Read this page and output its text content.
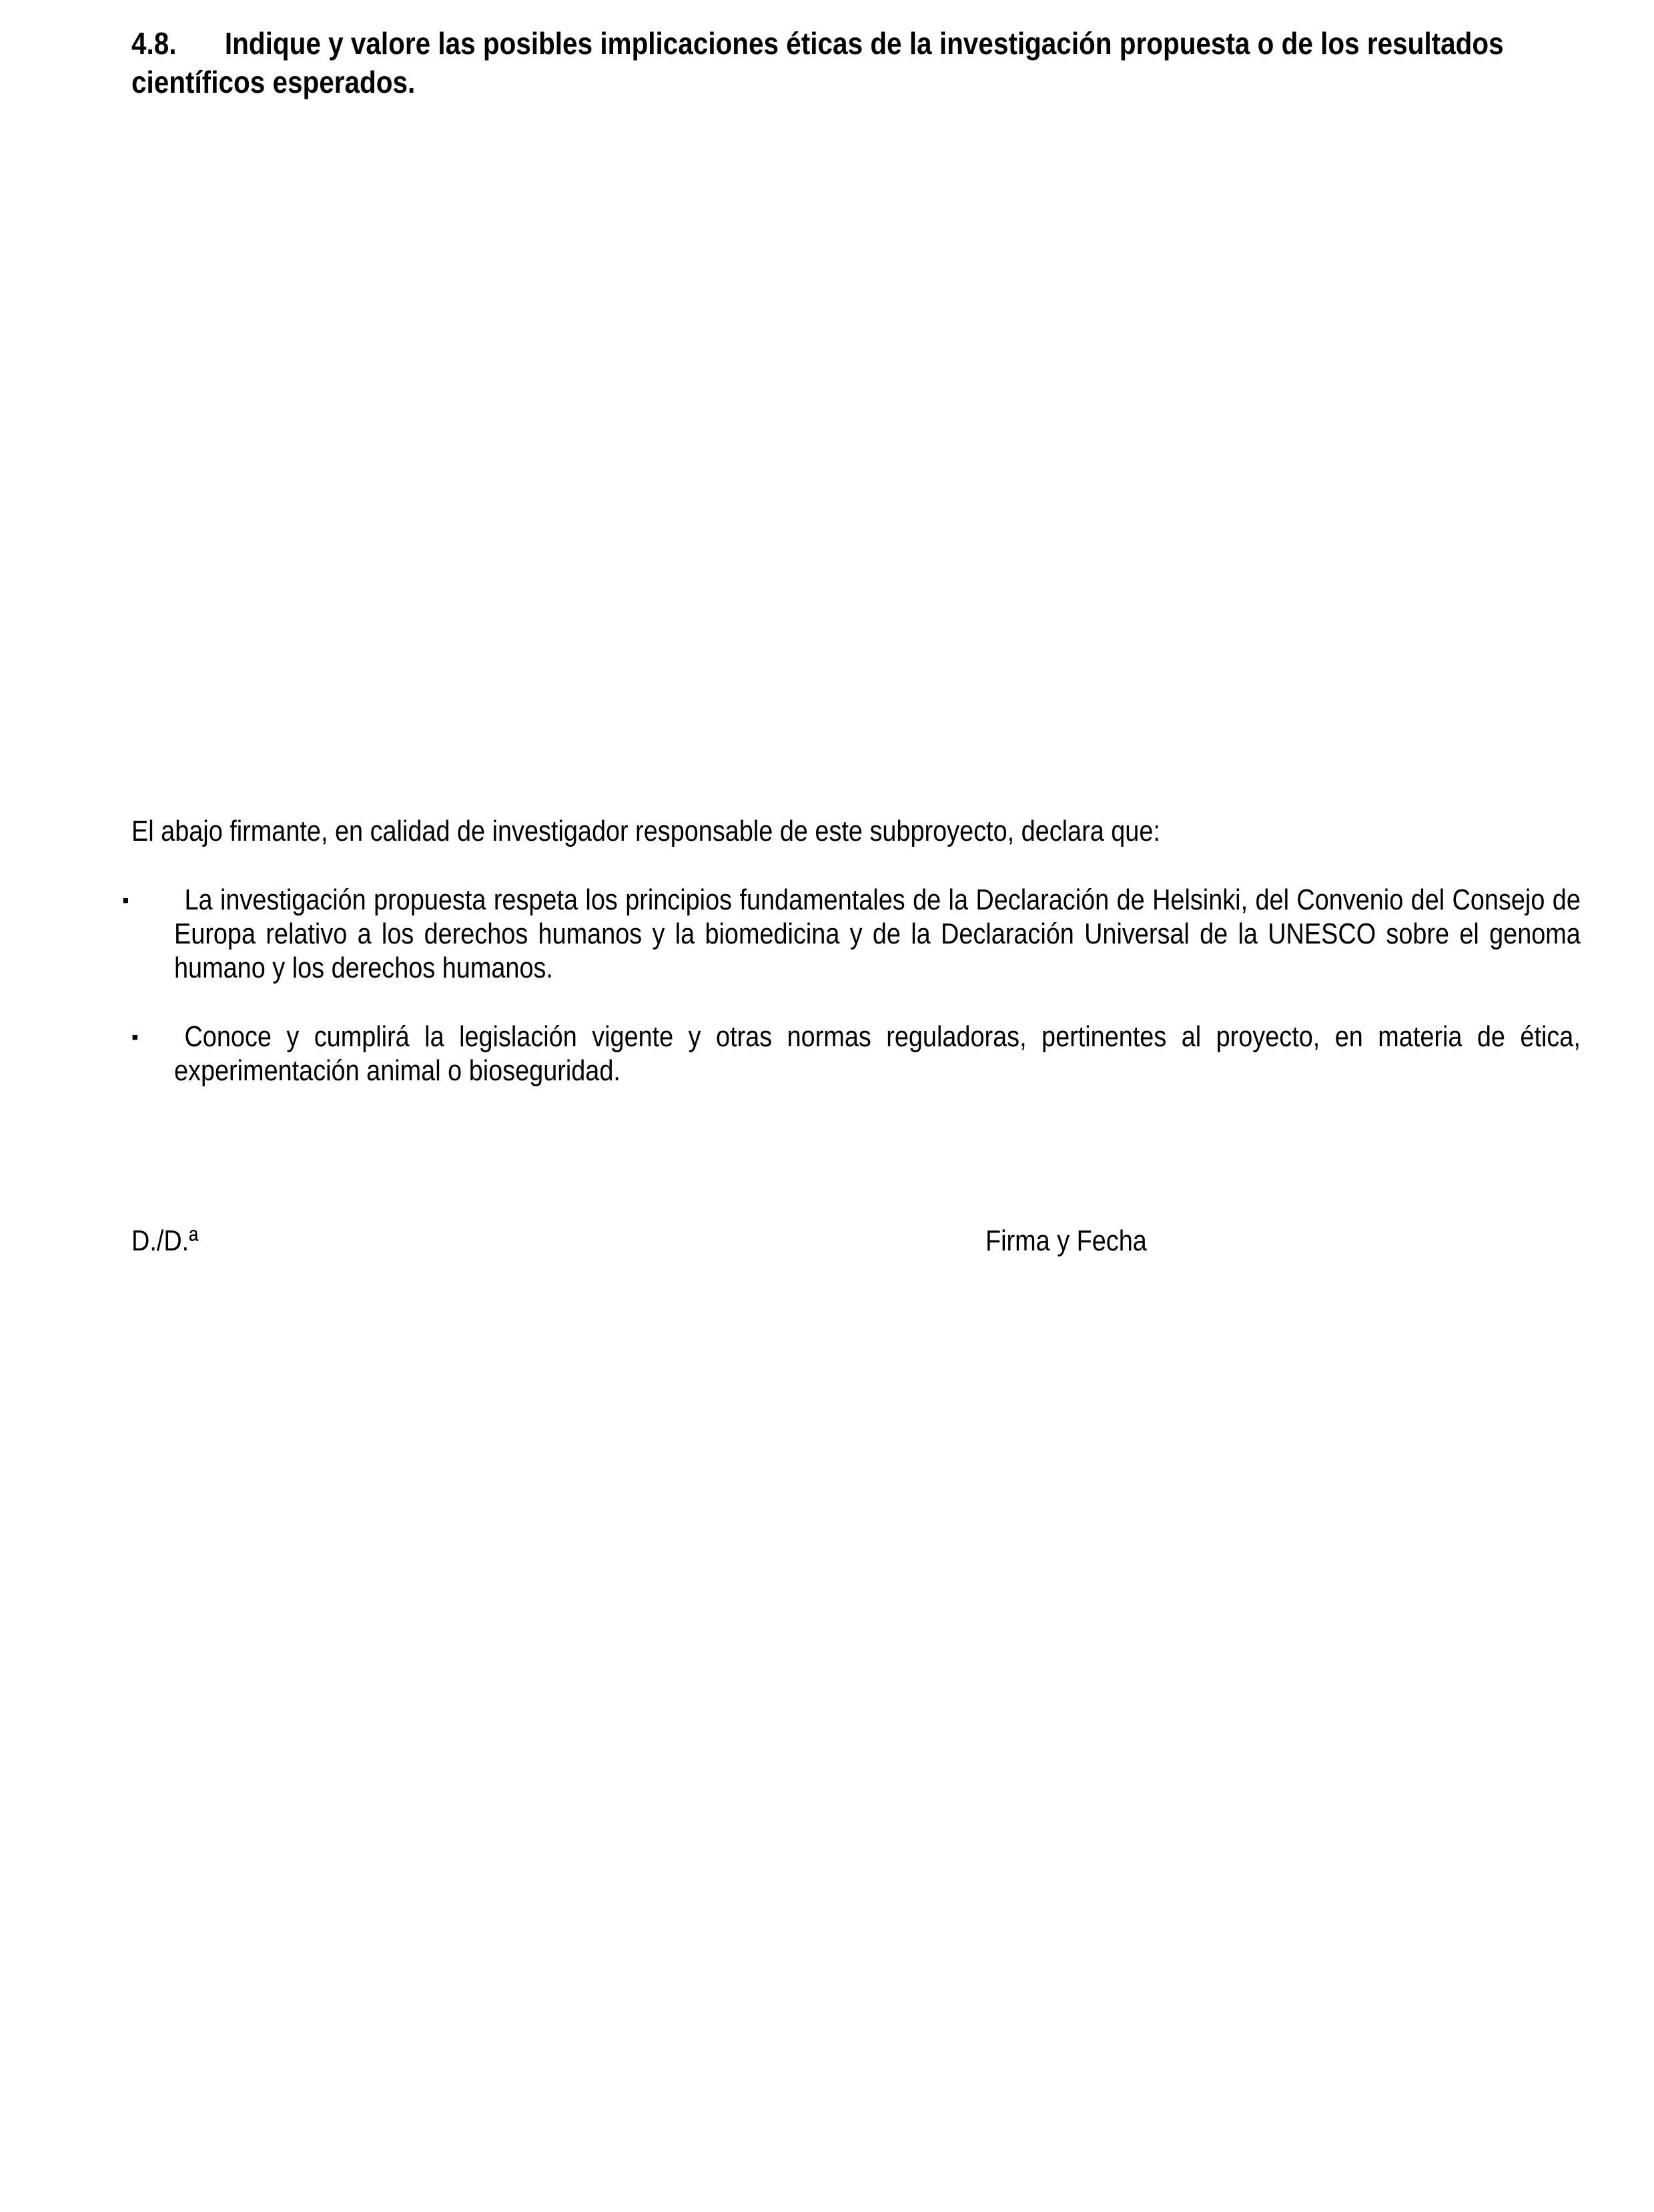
4.8. Indique y valore las posibles implicaciones éticas de la investigación propuesta o de los resultados científicos esperados.
El abajo firmante, en calidad de investigador responsable de este subproyecto, declara que:
▪	La investigación propuesta respeta los principios fundamentales de la Declaración de Helsinki, del Convenio del Consejo de Europa relativo a los derechos humanos y la biomedicina y de la Declaración Universal de la UNESCO sobre el genoma humano y los derechos humanos.
▪	Conoce y cumplirá la legislación vigente y otras normas reguladoras, pertinentes al proyecto, en materia de ética, experimentación animal o bioseguridad.
D./D.ª	Firma y Fecha
